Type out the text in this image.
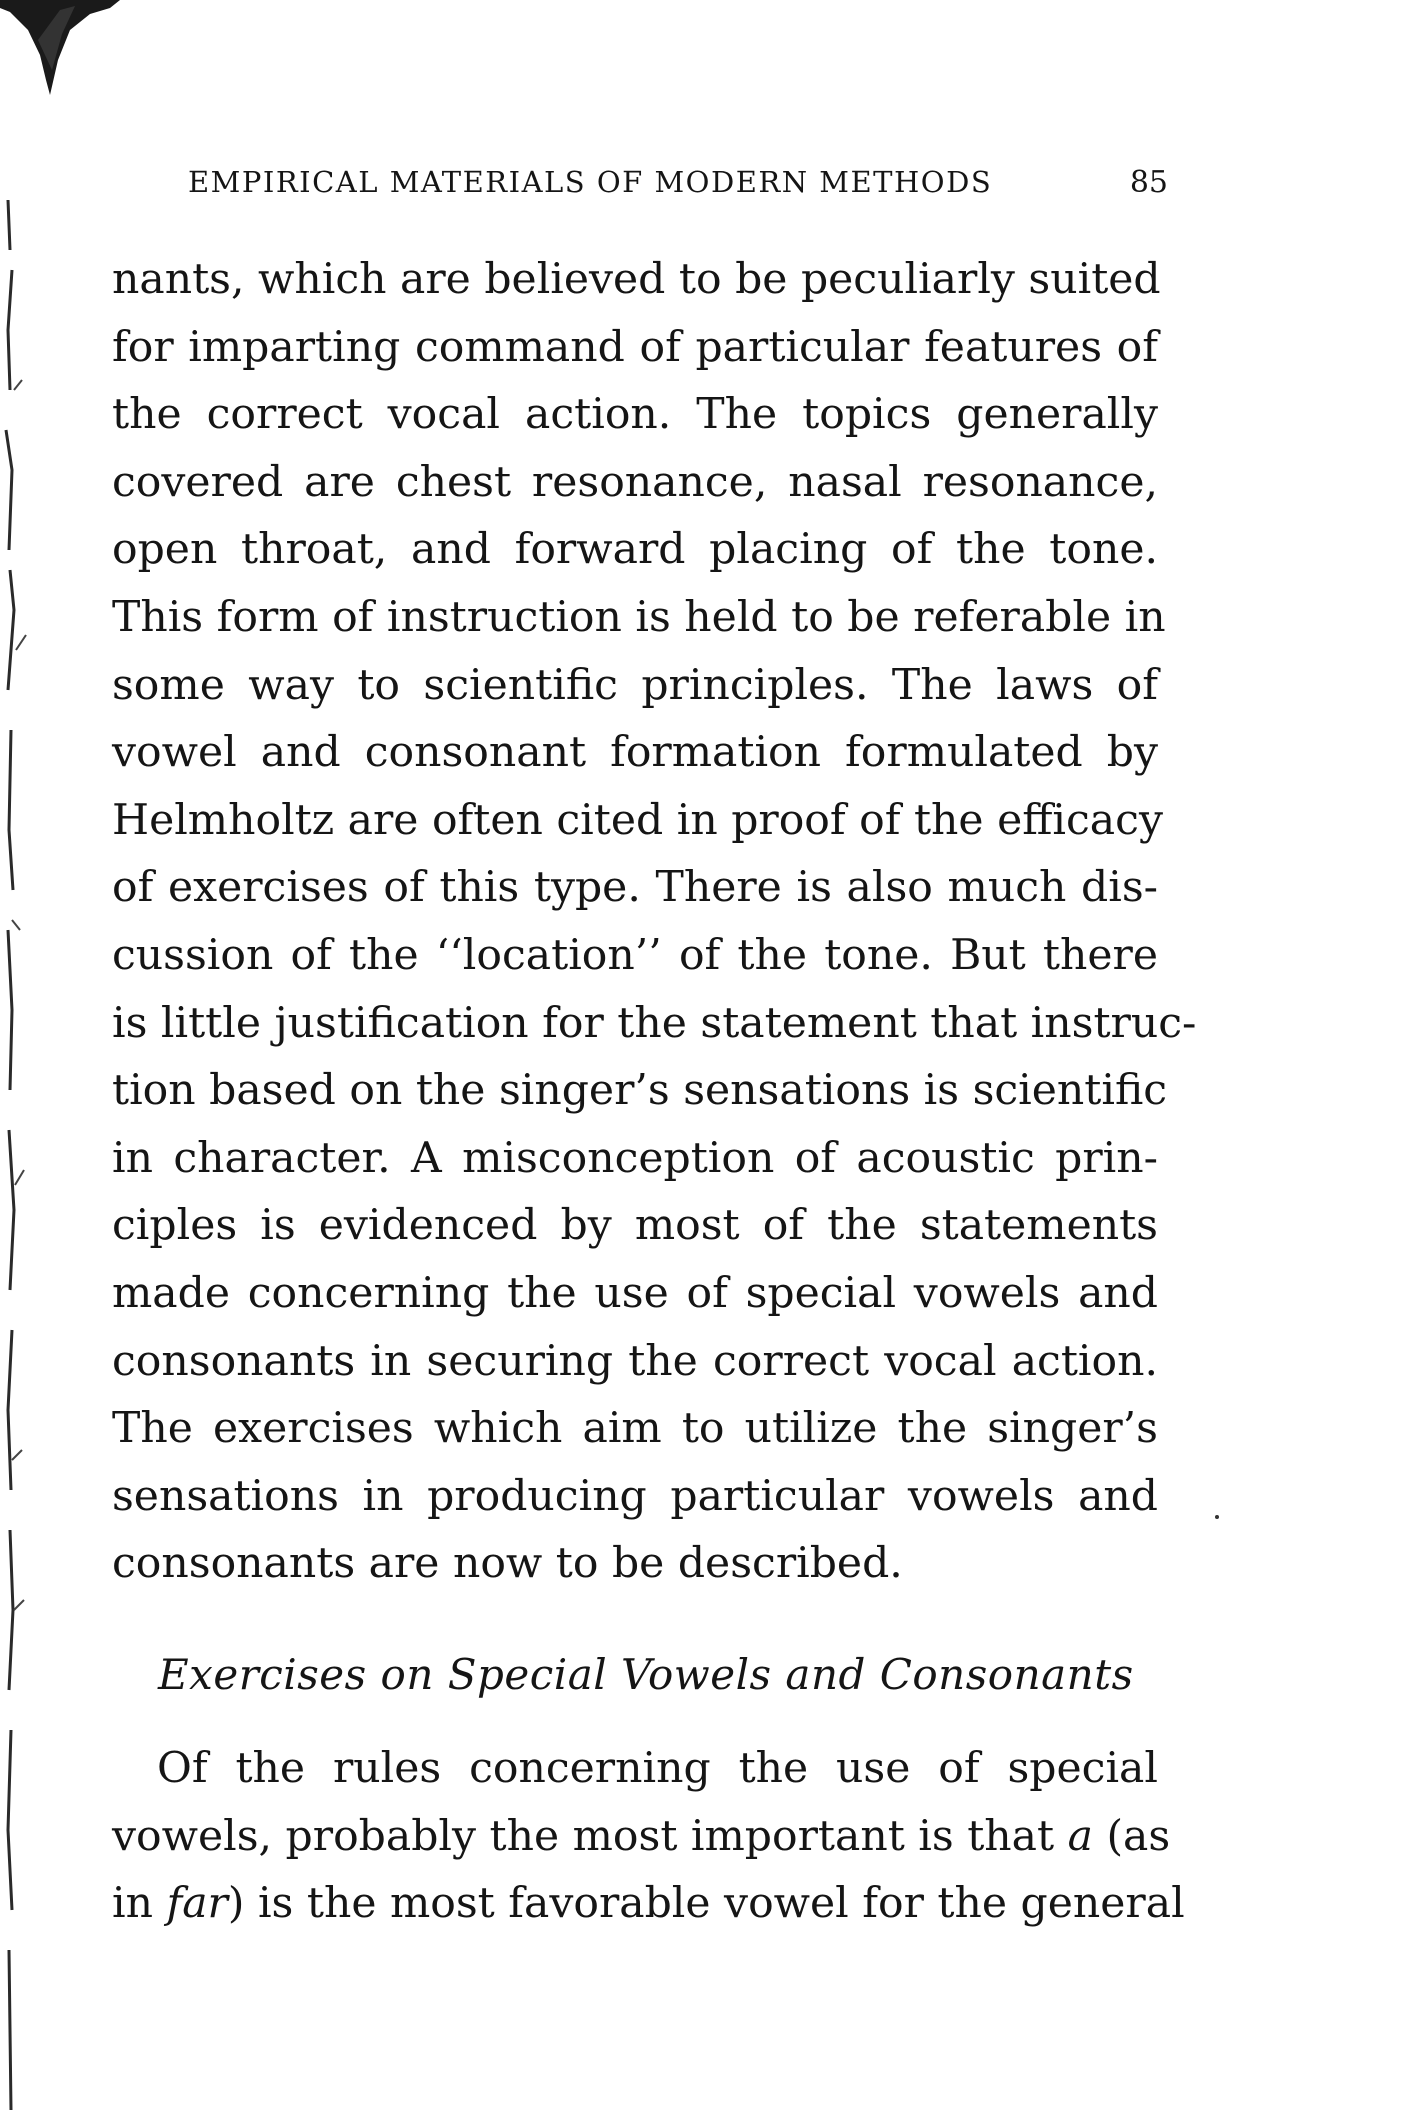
EMPIRICAL MATERIALS OF MODERN METHODS	85
nants, which are believed to be peculiarly suited
for imparting command of particular features of
the correct vocal action. The topics generally
covered are chest resonance, nasal resonance,
open throat, and forward placing of the tone.
This form of instruction is held to be referable in
some way to scientific principles. The laws of
vowel and consonant formation formulated by
Helmholtz are often cited in proof of the efficacy
of exercises of this type. There is also much dis-
cussion of the ‘‘location’’ of the tone. But there
is little justification for the statement that instruc-
tion based on the singer’s sensations is scientific
in character. A misconception of acoustic prin-
ciples is evidenced by most of the statements
made concerning the use of special vowels and
consonants in securing the correct vocal action.
The exercises which aim to utilize the singer’s
sensations in producing particular vowels and
consonants are now to be described.
Exercises on Special Vowels and Consonants
Of the rules concerning the use of special
vowels, probably the most important is that a (as
in far) is the most favorable vowel for the general
